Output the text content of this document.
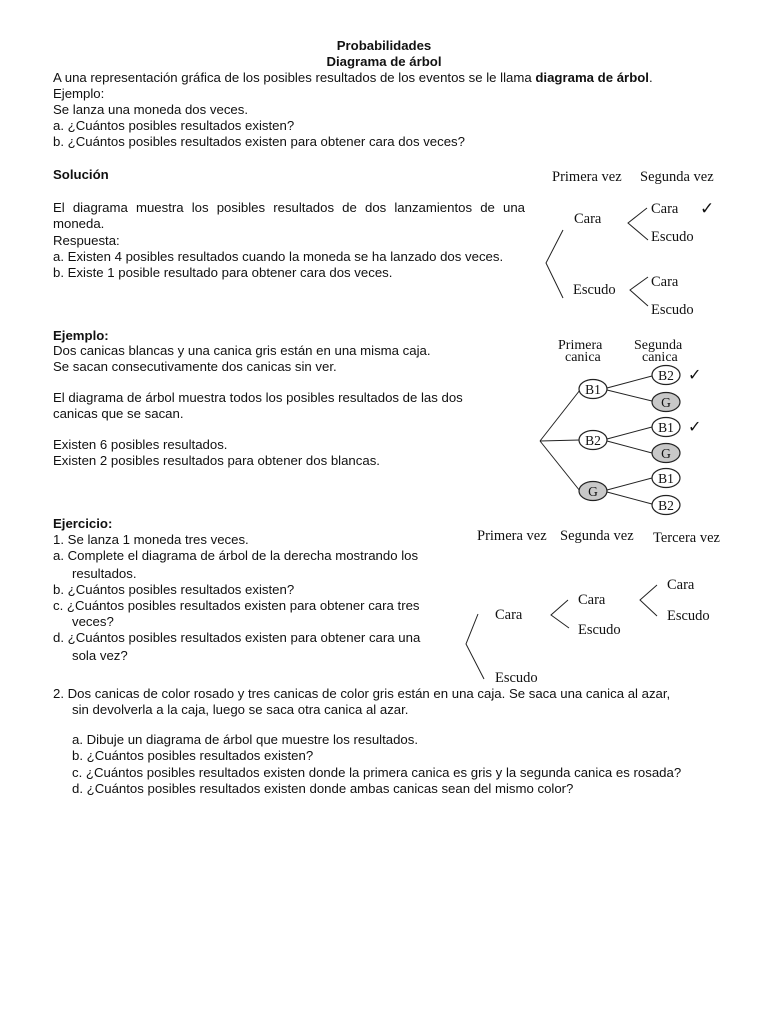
Probabilidades
Diagrama de árbol
A una representación gráfica de los posibles resultados de los eventos se le llama diagrama de árbol.
Ejemplo:
Se lanza una moneda dos veces.
a. ¿Cuántos posibles resultados existen?
b. ¿Cuántos posibles resultados existen para obtener cara dos veces?
Solución
El diagrama muestra los posibles resultados de dos lanzamientos de una moneda.
Respuesta:
a. Existen 4 posibles resultados cuando la moneda se ha lanzado dos veces.
b. Existe 1 posible resultado para obtener cara dos veces.
Primera vez Segunda vez
Cara
Escudo
Cara
Escudo
Cara
Escudo
✓
Ejemplo:
Dos canicas blancas y una canica gris están en una misma caja.
Se sacan consecutivamente dos canicas sin ver.
El diagrama de árbol muestra todos los posibles resultados de las dos
canicas que se sacan.
Existen 6 posibles resultados.
Existen 2 posibles resultados para obtener dos blancas.
Primera
canica
Segunda
canica
B1
B2
G
B2
G
B1
G
B1
B2
✓
✓
Ejercicio:
1. Se lanza 1 moneda tres veces.
a. Complete el diagrama de árbol de la derecha mostrando los
resultados.
b. ¿Cuántos posibles resultados existen?
c. ¿Cuántos posibles resultados existen para obtener cara tres
veces?
d. ¿Cuántos posibles resultados existen para obtener cara una
sola vez?
Primera vez Segunda vez Tercera vez
Cara
Escudo
Cara
Escudo
Cara
Escudo
2. Dos canicas de color rosado y tres canicas de color gris están en una caja. Se saca una canica al azar,
sin devolverla a la caja, luego se saca otra canica al azar.
a. Dibuje un diagrama de árbol que muestre los resultados.
b. ¿Cuántos posibles resultados existen?
c. ¿Cuántos posibles resultados existen donde la primera canica es gris y la segunda canica es rosada?
d. ¿Cuántos posibles resultados existen donde ambas canicas sean del mismo color?
